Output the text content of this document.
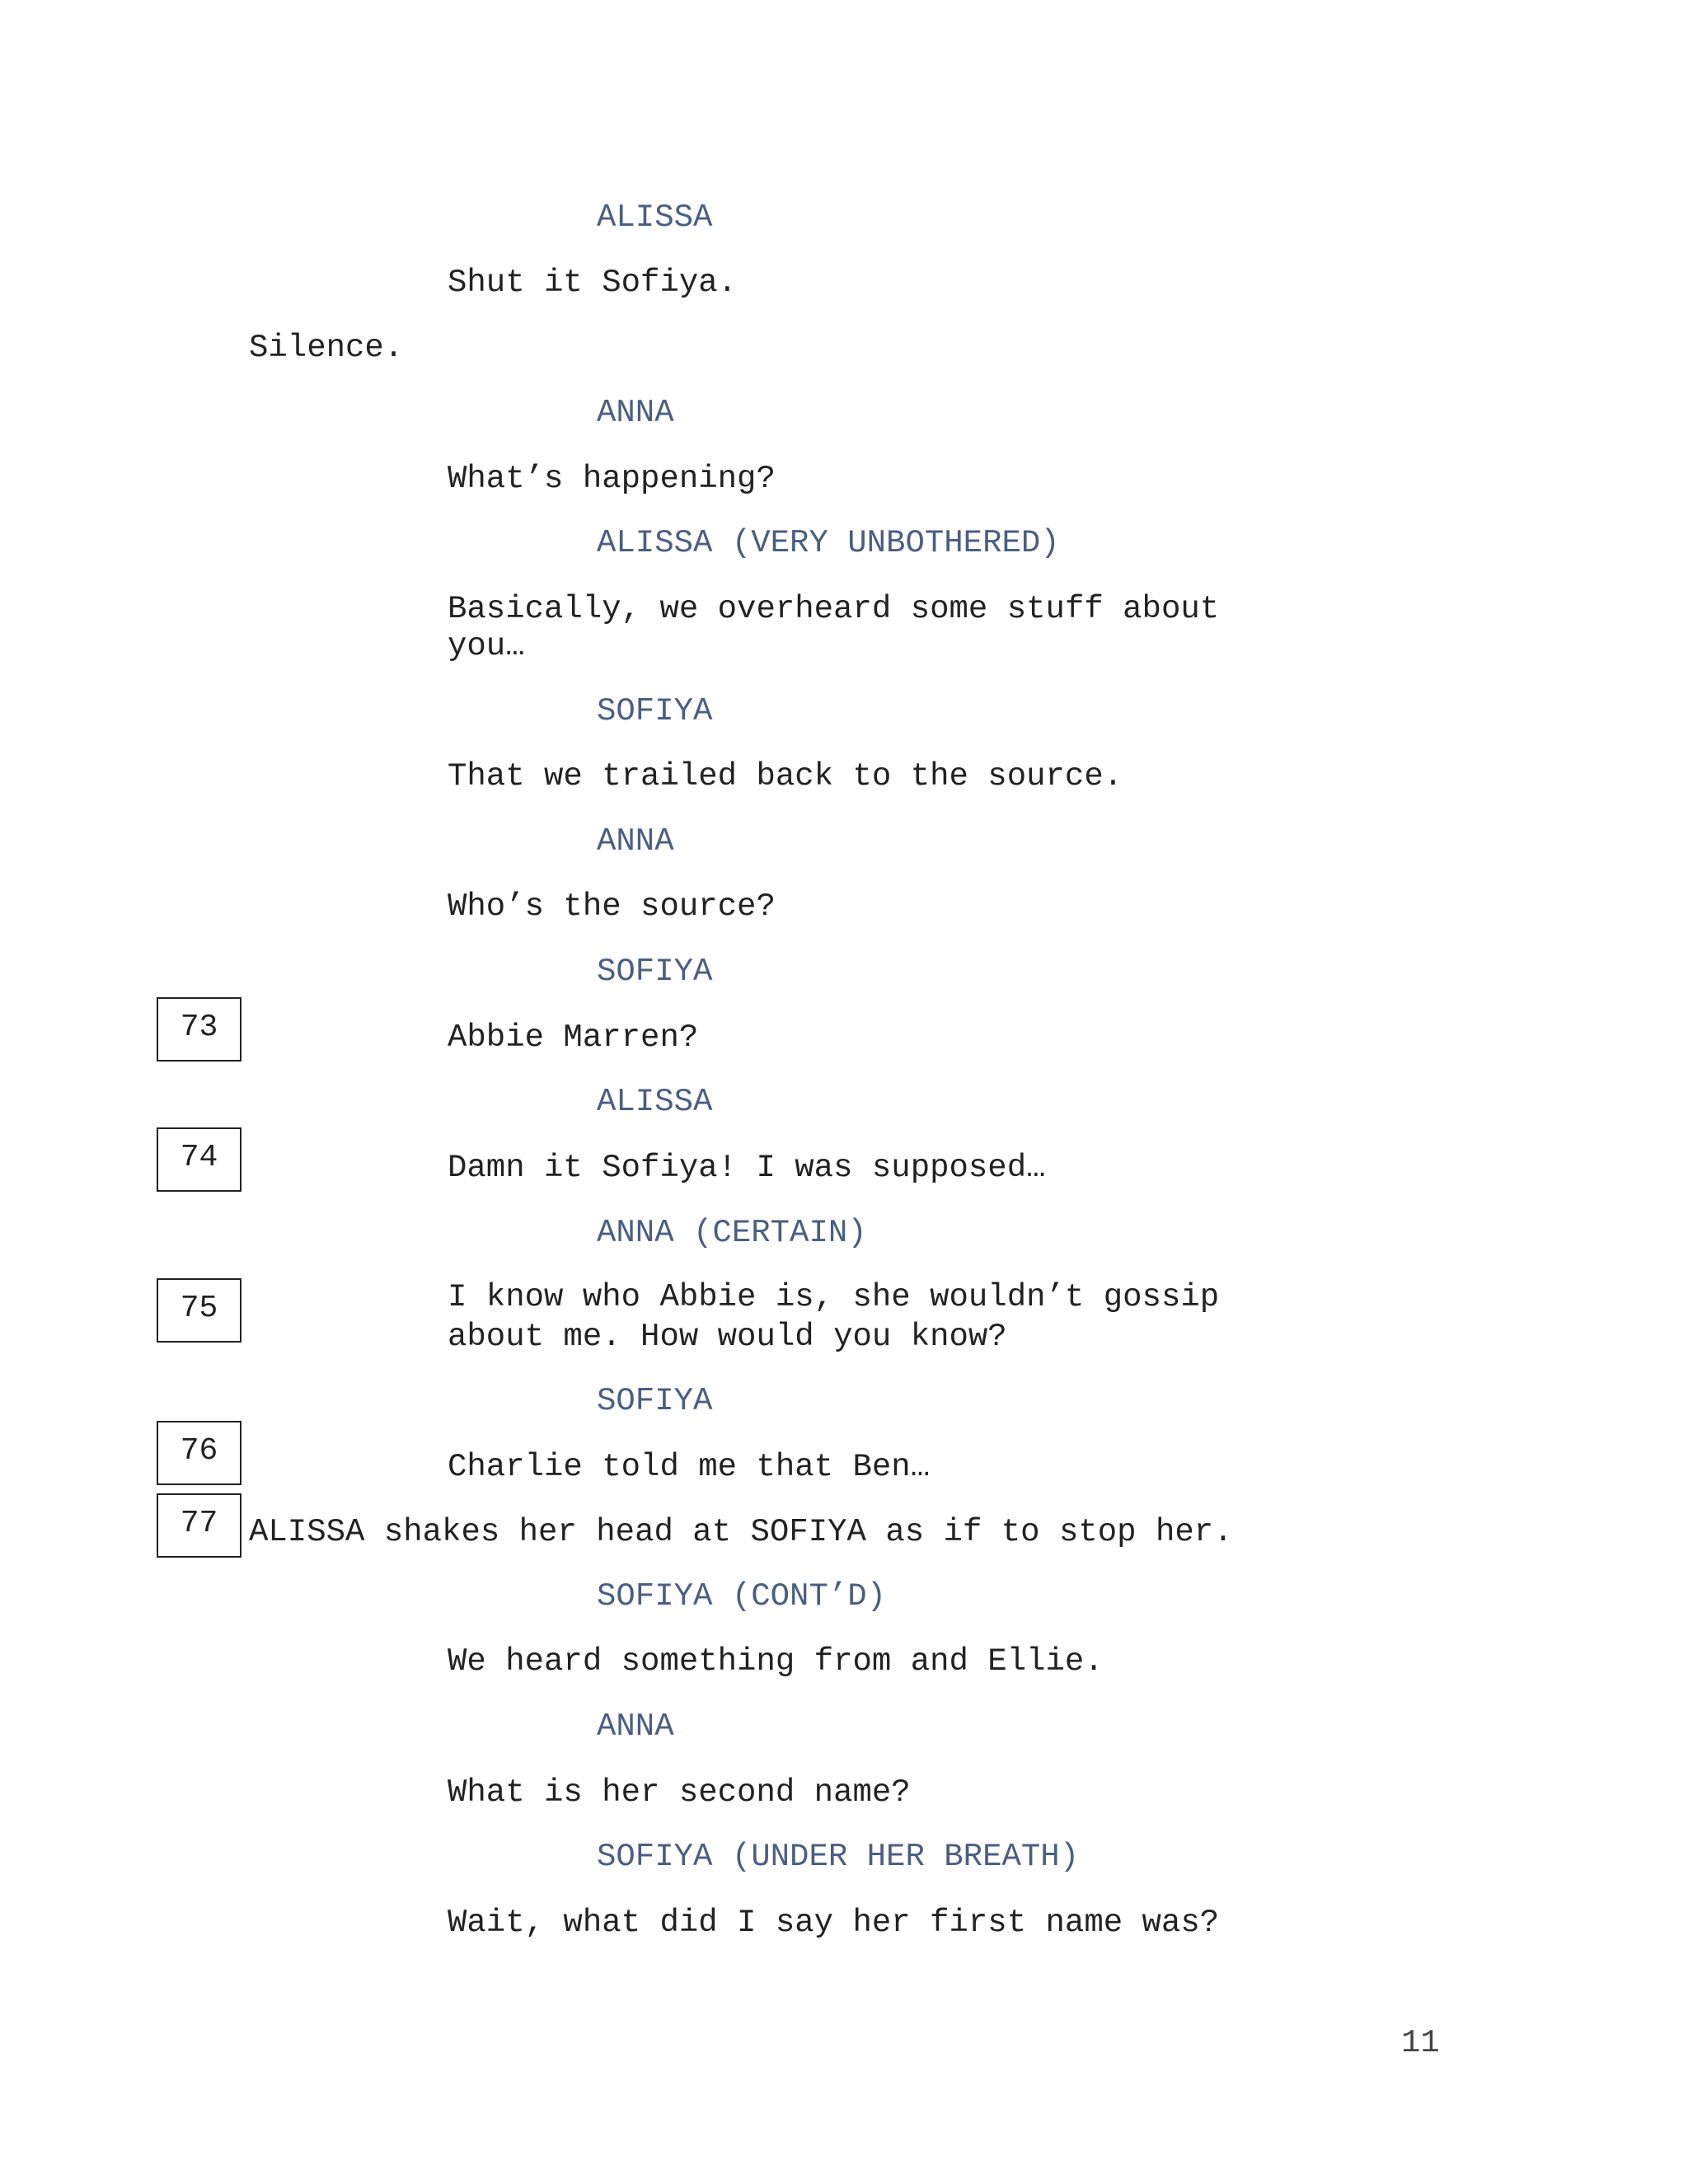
ALISSA
Shut it Sofiya.
Silence.
ANNA
What’s happening?
ALISSA (VERY UNBOTHERED)
Basically, we overheard some stuff about
you…
SOFIYA
That we trailed back to the source.
ANNA
Who’s the source?
SOFIYA
Abbie Marren?
ALISSA
Damn it Sofiya! I was supposed…
ANNA (CERTAIN)
I know who Abbie is, she wouldn’t gossip
about me. How would you know?
SOFIYA
Charlie told me that Ben…
ALISSA shakes her head at SOFIYA as if to stop her.
SOFIYA (CONT’D)
We heard something from and Ellie.
ANNA
What is her second name?
SOFIYA (UNDER HER BREATH)
Wait, what did I say her first name was?
73
74
75
76
77
11
